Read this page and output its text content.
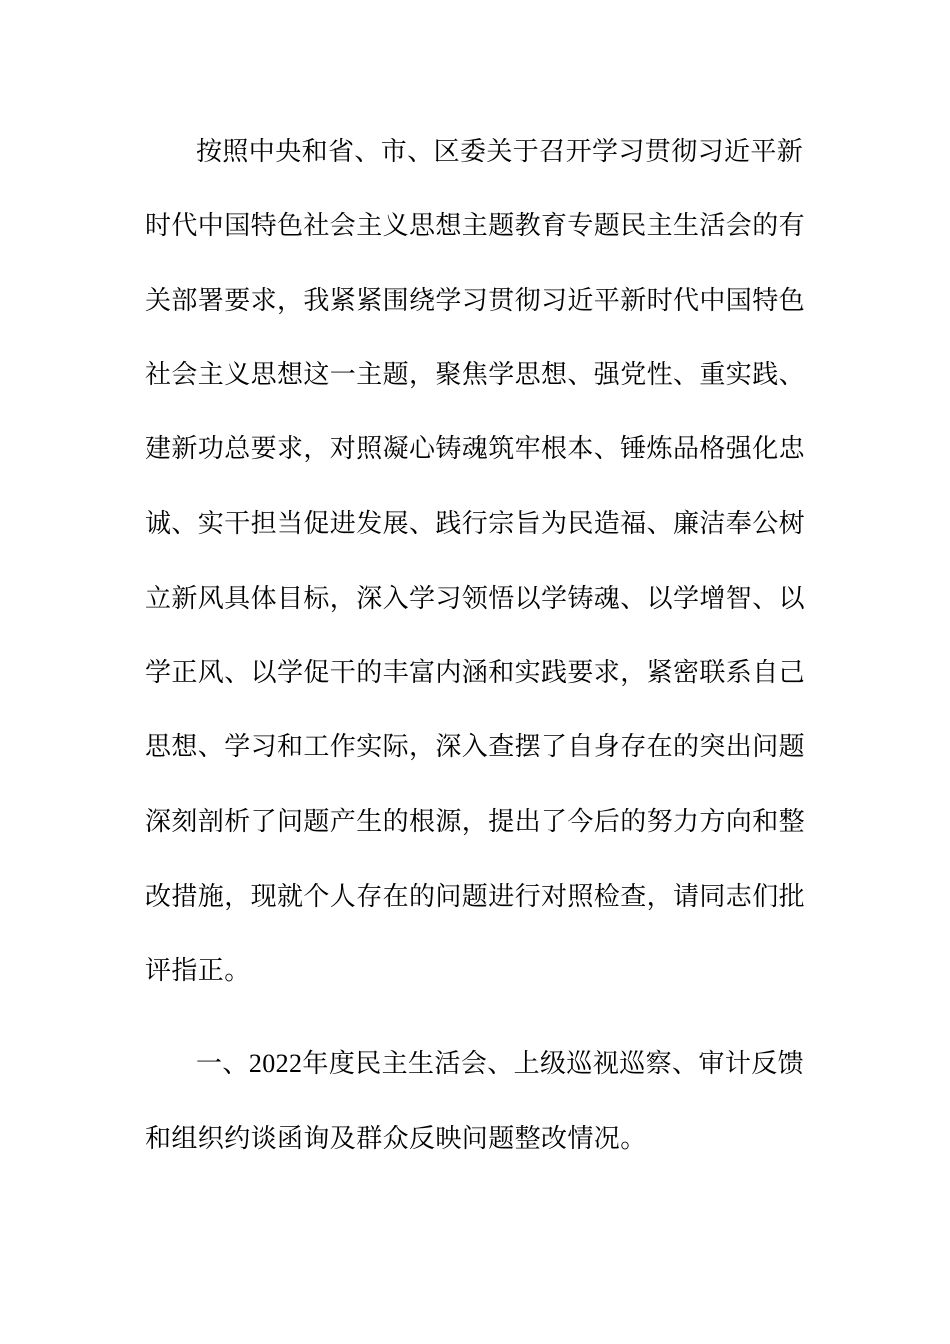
按照中央和省、市、区委关于召开学习贯彻习近平新
时代中国特色社会主义思想主题教育专题民主生活会的有
关部署要求，我紧紧围绕学习贯彻习近平新时代中国特色
社会主义思想这一主题，聚焦学思想、强党性、重实践、
建新功总要求，对照凝心铸魂筑牢根本、锤炼品格强化忠
诚、实干担当促进发展、践行宗旨为民造福、廉洁奉公树
立新风具体目标，深入学习领悟以学铸魂、以学增智、以
学正风、以学促干的丰富内涵和实践要求，紧密联系自己
思想、学习和工作实际，深入查摆了自身存在的突出问题
深刻剖析了问题产生的根源，提出了今后的努力方向和整
改措施，现就个人存在的问题进行对照检查，请同志们批
评指正。
一、2022年度民主生活会、上级巡视巡察、审计反馈
和组织约谈函询及群众反映问题整改情况。
